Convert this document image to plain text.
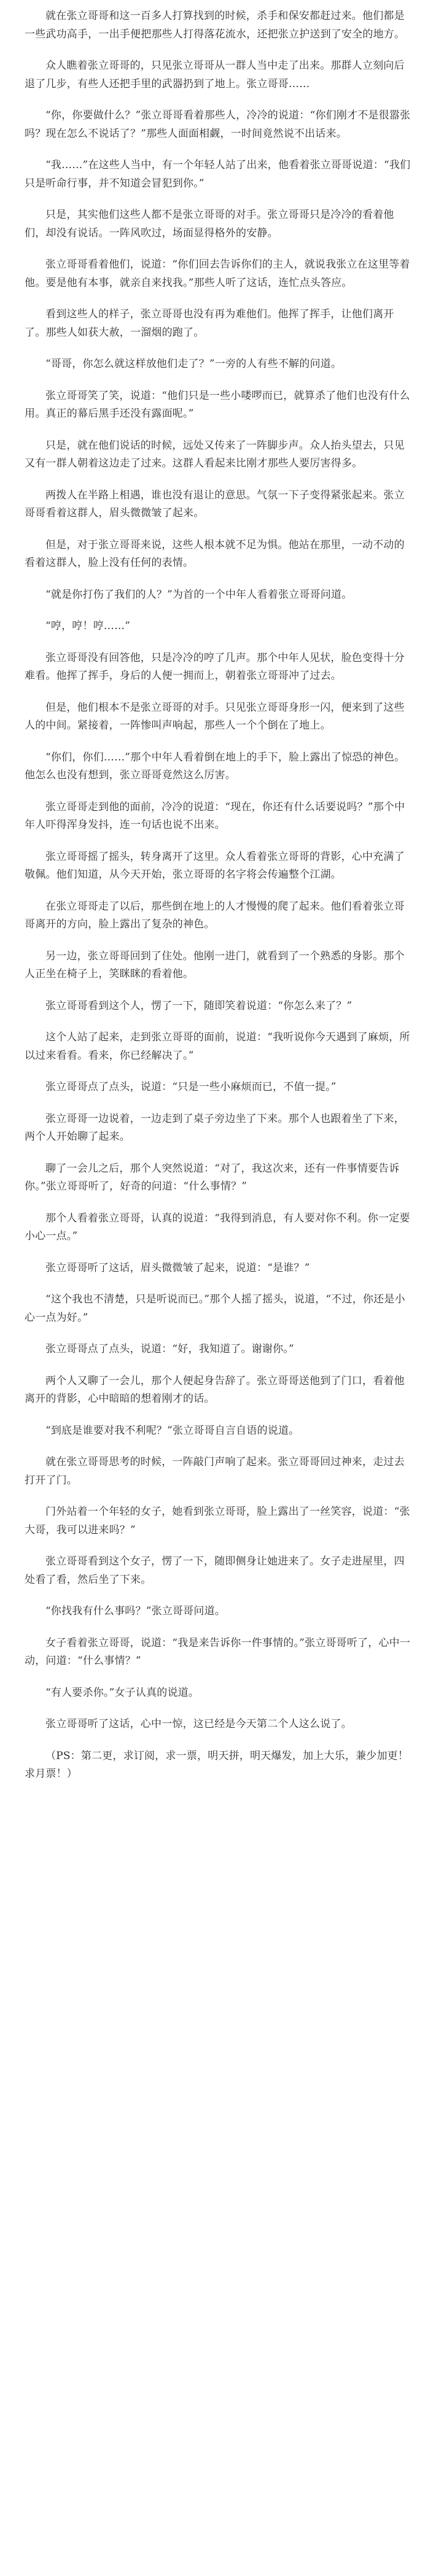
就在张立哥哥和这一百多人打算找到的时候，杀手和保安都赶过来。他们都是一些武功高手，一出手便把那些人打得落花流水，还把张立护送到了安全的地方。

众人瞧着张立哥哥的，只见张立哥哥从一群人当中走了出来。那群人立刻向后退了几步，有些人还把手里的武器扔到了地上。张立哥哥……

“你，你要做什么？”张立哥哥看着那些人，冷冷的说道：“你们刚才不是很嚣张吗？现在怎么不说话了？”那些人面面相觑，一时间竟然说不出话来。

“我……”在这些人当中，有一个年轻人站了出来，他看着张立哥哥说道：“我们只是听命行事，并不知道会冒犯到你。”

只是，其实他们这些人都不是张立哥哥的对手。张立哥哥只是冷冷的看着他们，却没有说话。一阵风吹过，场面显得格外的安静。

张立哥哥看着他们，说道：“你们回去告诉你们的主人，就说我张立在这里等着他。要是他有本事，就亲自来找我。”那些人听了这话，连忙点头答应。

看到这些人的样子，张立哥哥也没有再为难他们。他挥了挥手，让他们离开了。那些人如获大赦，一溜烟的跑了。

“哥哥，你怎么就这样放他们走了？”一旁的人有些不解的问道。

张立哥哥笑了笑，说道：“他们只是一些小喽啰而已，就算杀了他们也没有什么用。真正的幕后黑手还没有露面呢。”

只是，就在他们说话的时候，远处又传来了一阵脚步声。众人抬头望去，只见又有一群人朝着这边走了过来。这群人看起来比刚才那些人要厉害得多。

两拨人在半路上相遇，谁也没有退让的意思。气氛一下子变得紧张起来。张立哥哥看着这群人，眉头微微皱了起来。

但是，对于张立哥哥来说，这些人根本就不足为惧。他站在那里，一动不动的看着这群人，脸上没有任何的表情。

“就是你打伤了我们的人？”为首的一个中年人看着张立哥哥问道。

“哼，哼！哼……”

张立哥哥没有回答他，只是冷冷的哼了几声。那个中年人见状，脸色变得十分难看。他挥了挥手，身后的人便一拥而上，朝着张立哥哥冲了过去。

但是，他们根本不是张立哥哥的对手。只见张立哥哥身形一闪，便来到了这些人的中间。紧接着，一阵惨叫声响起，那些人一个个倒在了地上。

“你们，你们……”那个中年人看着倒在地上的手下，脸上露出了惊恐的神色。他怎么也没有想到，张立哥哥竟然这么厉害。

张立哥哥走到他的面前，冷冷的说道：“现在，你还有什么话要说吗？”那个中年人吓得浑身发抖，连一句话也说不出来。

张立哥哥摇了摇头，转身离开了这里。众人看着张立哥哥的背影，心中充满了敬佩。他们知道，从今天开始，张立哥哥的名字将会传遍整个江湖。

在张立哥哥走了以后，那些倒在地上的人才慢慢的爬了起来。他们看着张立哥哥离开的方向，脸上露出了复杂的神色。

另一边，张立哥哥回到了住处。他刚一进门，就看到了一个熟悉的身影。那个人正坐在椅子上，笑眯眯的看着他。

张立哥哥看到这个人，愣了一下，随即笑着说道：“你怎么来了？”

这个人站了起来，走到张立哥哥的面前，说道：“我听说你今天遇到了麻烦，所以过来看看。看来，你已经解决了。”

张立哥哥点了点头，说道：“只是一些小麻烦而已，不值一提。”

张立哥哥一边说着，一边走到了桌子旁边坐了下来。那个人也跟着坐了下来，两个人开始聊了起来。

聊了一会儿之后，那个人突然说道：“对了，我这次来，还有一件事情要告诉你。”张立哥哥听了，好奇的问道：“什么事情？”

那个人看着张立哥哥，认真的说道：“我得到消息，有人要对你不利。你一定要小心一点。”

张立哥哥听了这话，眉头微微皱了起来，说道：“是谁？”

“这个我也不清楚，只是听说而已。”那个人摇了摇头，说道，“不过，你还是小心一点为好。”

张立哥哥点了点头，说道：“好，我知道了。谢谢你。”

两个人又聊了一会儿，那个人便起身告辞了。张立哥哥送他到了门口，看着他离开的背影，心中暗暗的想着刚才的话。

“到底是谁要对我不利呢？”张立哥哥自言自语的说道。

就在张立哥哥思考的时候，一阵敲门声响了起来。张立哥哥回过神来，走过去打开了门。

门外站着一个年轻的女子，她看到张立哥哥，脸上露出了一丝笑容，说道：“张大哥，我可以进来吗？”

张立哥哥看到这个女子，愣了一下，随即侧身让她进来了。女子走进屋里，四处看了看，然后坐了下来。

“你找我有什么事吗？”张立哥哥问道。

女子看着张立哥哥，说道：“我是来告诉你一件事情的。”张立哥哥听了，心中一动，问道：“什么事情？”

“有人要杀你。”女子认真的说道。

张立哥哥听了这话，心中一惊，这已经是今天第二个人这么说了。

（PS：第二更，求订阅，求一票，明天拼，明天爆发，加上大乐，兼少加更！求月票！）
